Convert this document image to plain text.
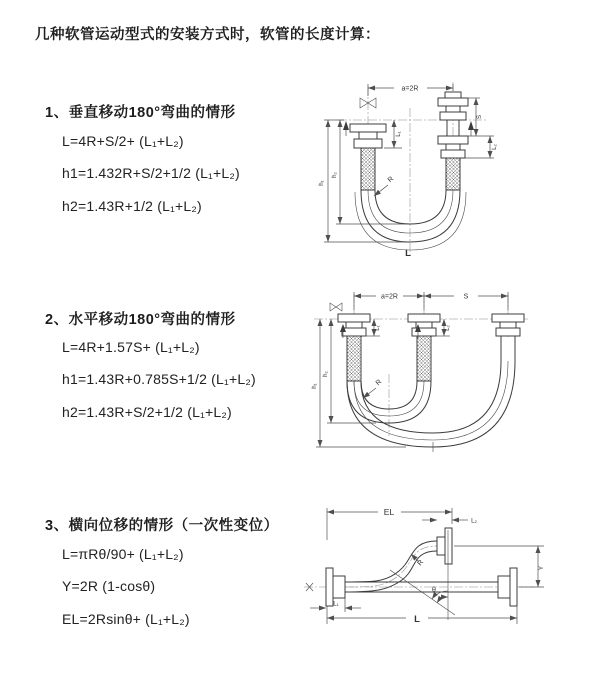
几种软管运动型式的安装方式时，软管的长度计算：
1、垂直移动180°弯曲的情形
L=4R+S/2+ (L₁+L₂)
h1=1.432R+S/2+1/2 (L₁+L₂)
h2=1.43R+1/2 (L₁+L₂)
a=2R
h₁
h₂
L₁
S
L₂
R
L
2、水平移动180°弯曲的情形
L=4R+1.57S+ (L₁+L₂)
h1=1.43R+0.785S+1/2 (L₁+L₂)
h2=1.43R+S/2+1/2 (L₁+L₂)
a=2R	S
h₁
h₂
L₁	L₂
R
3、横向位移的情形（一次性变位）
L=πRθ/90+ (L₁+L₂)
Y=2R (1-cosθ)
EL=2Rsinθ+ (L₁+L₂)
θ
EL
L₂
Y
L₁
L
R
